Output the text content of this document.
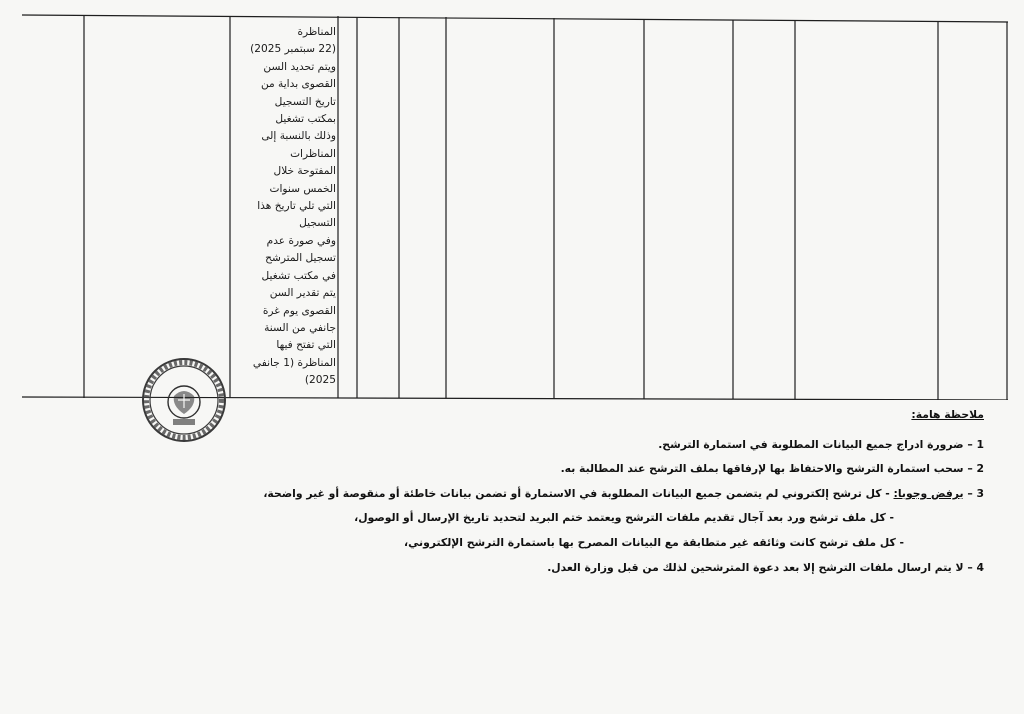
المناظرة
(22 سبتمبر 2025)
ويتم تحديد السن
القصوى بداية من
تاريخ التسجيل
بمكتب تشغيل
وذلك بالنسبة إلى
المناظرات
المفتوحة خلال
الخمس سنوات
التي تلي تاريخ هذا
التسجيل
وفي صورة عدم
تسجيل المترشح
في مكتب تشغيل
يتم تقدير السن
القصوى يوم غرة
جانفي من السنة
التي تفتح فيها
المناظرة (1 جانفي
2025)
ملاحظة هامة:
1 – ضرورة ادراج جميع البيانات المطلوبة في استمارة الترشح.
2 – سحب استمارة الترشح والاحتفاظ بها لإرفاقها بملف الترشح عند المطالبة به.
3 – يرفض وجوبا: - كل ترشح إلكتروني لم يتضمن جميع البيانات المطلوبة في الاستمارة أو تضمن بيانات خاطئة أو منقوصة أو غير واضحة،
- كل ملف ترشح ورد بعد آجال تقديم ملفات الترشح ويعتمد ختم البريد لتحديد تاريخ الإرسال أو الوصول،
- كل ملف ترشح كانت وثائقه غير متطابقة مع البيانات المصرح بها باستمارة الترشح الإلكتروني،
4 – لا يتم ارسال ملفات الترشح إلا بعد دعوة المترشحين لذلك من قبل وزارة العدل.
